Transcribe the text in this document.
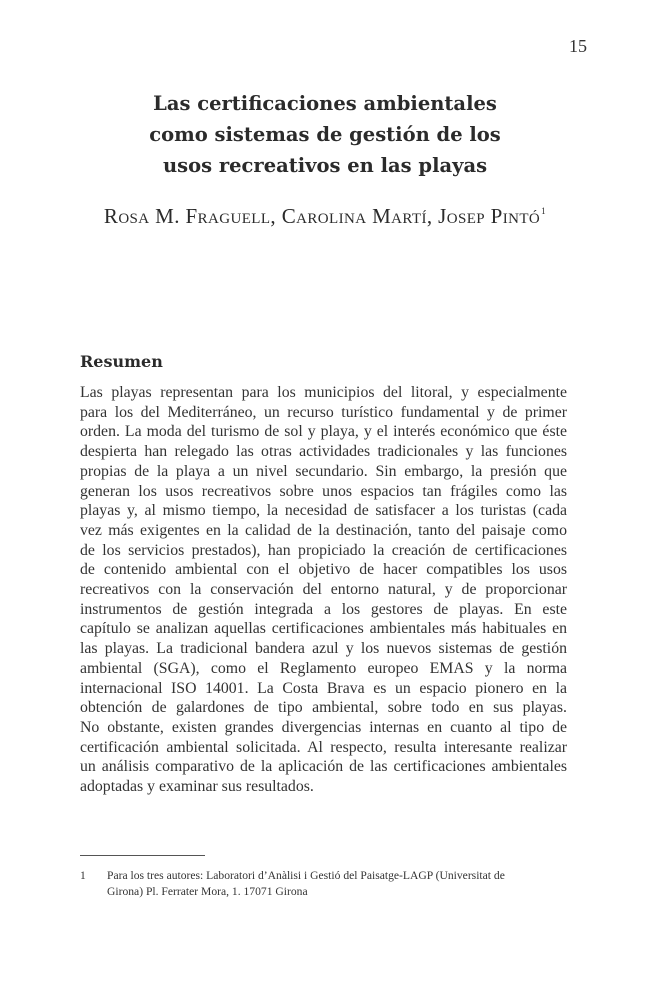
15
Las certificaciones ambientales
como sistemas de gestión de los
usos recreativos en las playas
Rosa M. Fraguell, Carolina Martí, Josep Pintó$^1$
Resumen
Las playas representan para los municipios del litoral, y especialmente
para los del Mediterráneo, un recurso turístico fundamental y de primer
orden. La moda del turismo de sol y playa, y el interés económico que éste
despierta han relegado las otras actividades tradicionales y las funciones
propias de la playa a un nivel secundario. Sin embargo, la presión que
generan los usos recreativos sobre unos espacios tan frágiles como las
playas y, al mismo tiempo, la necesidad de satisfacer a los turistas (cada
vez más exigentes en la calidad de la destinación, tanto del paisaje como
de los servicios prestados), han propiciado la creación de certificaciones
de contenido ambiental con el objetivo de hacer compatibles los usos
recreativos con la conservación del entorno natural, y de proporcionar
instrumentos de gestión integrada a los gestores de playas. En este
capítulo se analizan aquellas certificaciones ambientales más habituales en
las playas. La tradicional bandera azul y los nuevos sistemas de gestión
ambiental (SGA), como el Reglamento europeo EMAS y la norma
internacional ISO 14001. La Costa Brava es un espacio pionero en la
obtención de galardones de tipo ambiental, sobre todo en sus playas.
No obstante, existen grandes divergencias internas en cuanto al tipo de
certificación ambiental solicitada. Al respecto, resulta interesante realizar
un análisis comparativo de la aplicación de las certificaciones ambientales
adoptadas y examinar sus resultados.
1 Para los tres autores: Laboratori d’Anàlisi i Gestió del Paisatge-LAGP (Universitat de
Girona) Pl. Ferrater Mora, 1. 17071 Girona
